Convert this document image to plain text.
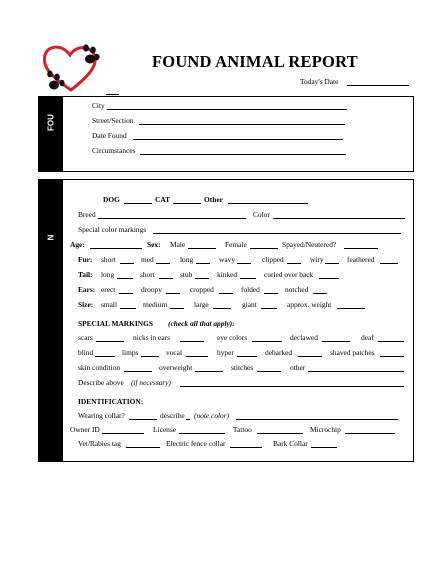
FOUND ANIMAL REPORT
Today's Date
FOU
City
Street/Section
Date Found
Circumstances
N
DOG	CAT	Other
Breed	Color
Special color markings
Age:	Sex: Male	Female	Spayed/Neutered?
Fur: short	med	long	wavy	clipped	wiry	feathered
Tail: long	short	stub	kinked	curled over back
Ears: erect	droopy	cropped	folded	notched
Size: small	medium	large	giant	approx. weight
SPECIAL MARKINGS (check all that apply):
scars	nicks in ears	eye colors	declawed	deaf
blind	limps	vocal	hyper	debarked	shaved patches
skin condition	overweight	stitches	other
Describe above (if necessary)
IDENTIFICATION:
Wearing collar?	describe (note color)
Owner ID	License	Tattoo	Microchip
Vet/Rabies tag	Electric fence collar	Bark Collar
